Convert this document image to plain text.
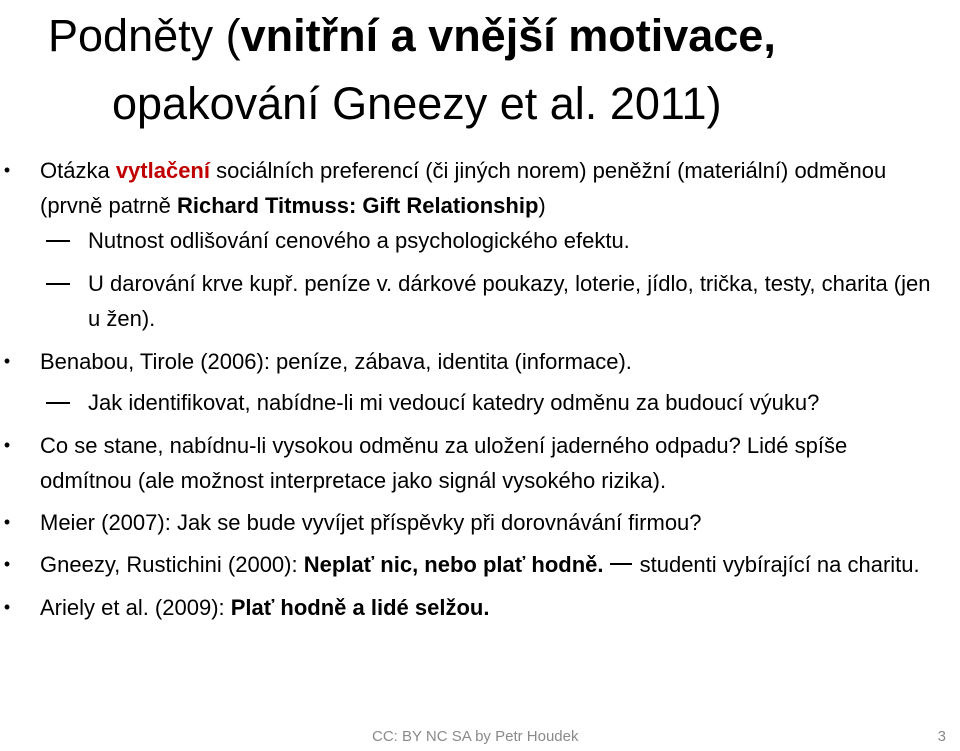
Podněty (vnitřní a vnější motivace,
opakování Gneezy et al. 2011)
• Otázka vytlačení sociálních preferencí (či jiných norem) peněžní (materiální) odměnou (prvně patrně Richard Titmuss: Gift Relationship)
Nutnost odlišování cenového a psychologického efektu.
U darování krve kupř. peníze v. dárkové poukazy, loterie, jídlo, trička, testy, charita (jen u žen).
• Benabou, Tirole (2006): peníze, zábava, identita (informace).
Jak identifikovat, nabídne-li mi vedoucí katedry odměnu za budoucí výuku?
• Co se stane, nabídnu-li vysokou odměnu za uložení jaderného odpadu? Lidé spíše odmítnou (ale možnost interpretace jako signál vysokého rizika).
• Meier (2007): Jak se bude vyvíjet příspěvky při dorovnávání firmou?
• Gneezy, Rustichini (2000): Neplať nic, nebo plať hodně. studenti vybírající na charitu.
• Ariely et al. (2009): Plať hodně a lidé selžou.
CC: BY NC SA by Petr Houdek	3
